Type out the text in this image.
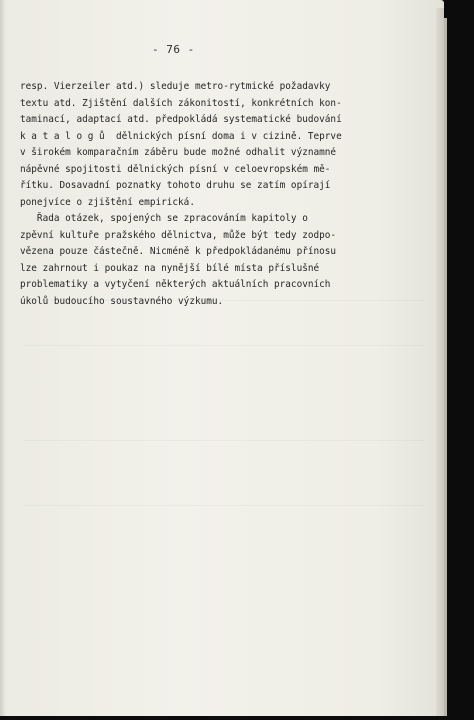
- 76 -
resp. Vierzeiler atd.) sleduje metro-rytmické požadavky
textu atd. Zjištění dalších zákonitostí, konkrétních kon-
taminací, adaptací atd. předpokládá systematické budování
k a t a l o g ů  dělnických písní doma i v cizině. Teprve
v širokém komparačním záběru bude možné odhalit významné
nápěvné spojitosti dělnických písní v celoevropském mě-
řítku. Dosavadní poznatky tohoto druhu se zatím opírají
ponejvíce o zjištění empirická.
Řada otázek, spojených se zpracováním kapitoly o
zpěvní kultuře pražského dělnictva, může být tedy zodpo-
vězena pouze částečně. Nicméně k předpokládanému přínosu
lze zahrnout i poukaz na nynější bílé místa příslušné
problematiky a vytyčení některých aktuálních pracovních
úkolů budoucího soustavného výzkumu.
